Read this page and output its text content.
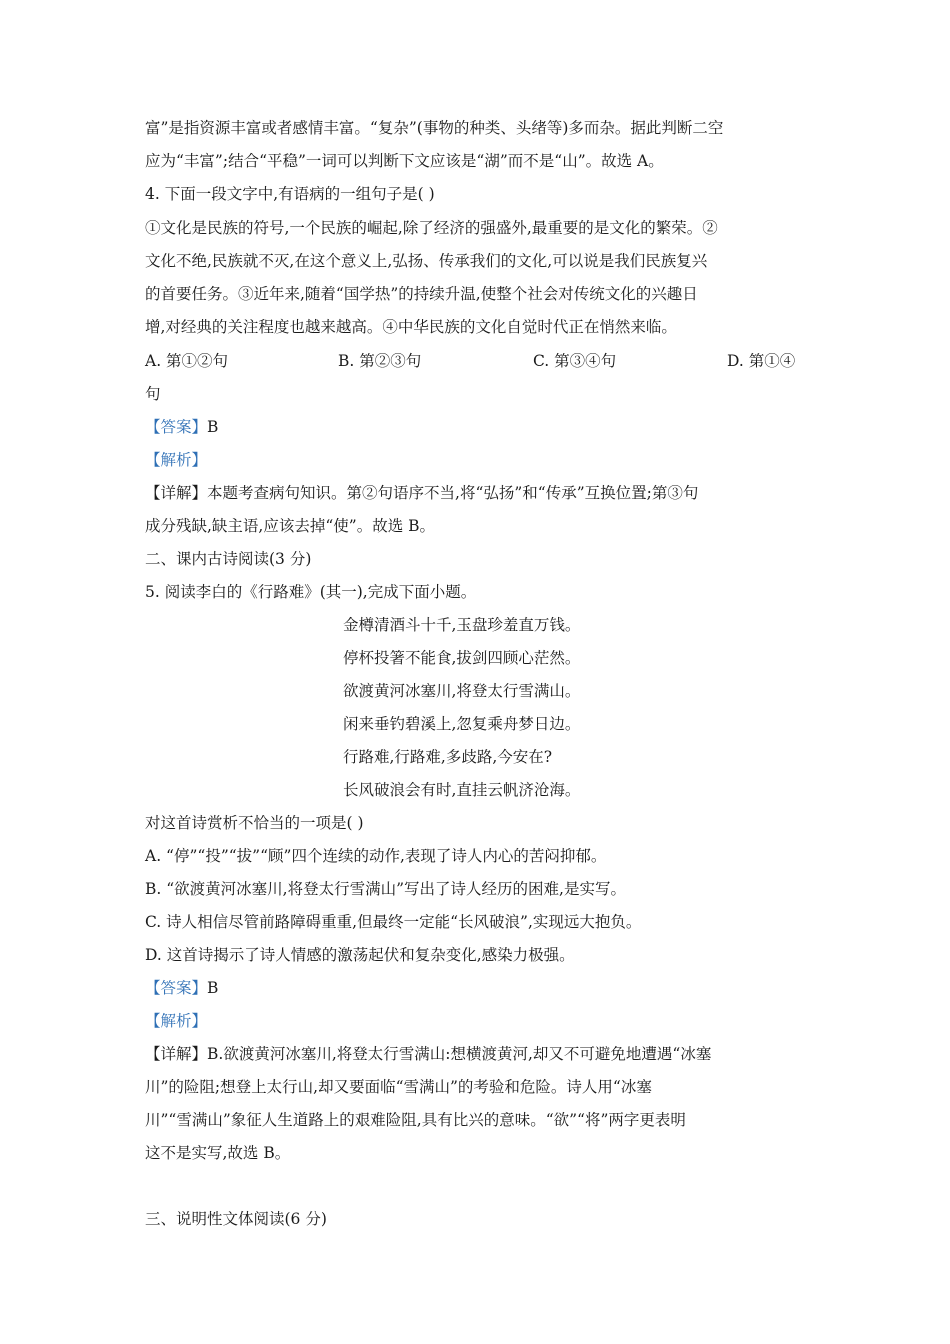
富”是指资源丰富或者感情丰富。“复杂”(事物的种类、头绪等)多而杂。据此判断二空
应为“丰富”;结合“平稳”一词可以判断下文应该是“湖”而不是“山”。故选 A。
4. 下面一段文字中,有语病的一组句子是( )
①文化是民族的符号,一个民族的崛起,除了经济的强盛外,最重要的是文化的繁荣。②
文化不绝,民族就不灭,在这个意义上,弘扬、传承我们的文化,可以说是我们民族复兴
的首要任务。③近年来,随着“国学热”的持续升温,使整个社会对传统文化的兴趣日
增,对经典的关注程度也越来越高。④中华民族的文化自觉时代正在悄然来临。
A. 第①②句	B. 第②③句	C. 第③④句	D. 第①④
句
【答案】B
【解析】
【详解】本题考查病句知识。第②句语序不当,将“弘扬”和“传承”互换位置;第③句
成分残缺,缺主语,应该去掉“使”。故选 B。
二、课内古诗阅读(3 分)
5. 阅读李白的《行路难》(其一),完成下面小题。
金樽清酒斗十千,玉盘珍羞直万钱。
停杯投箸不能食,拔剑四顾心茫然。
欲渡黄河冰塞川,将登太行雪满山。
闲来垂钓碧溪上,忽复乘舟梦日边。
行路难,行路难,多歧路,今安在?
长风破浪会有时,直挂云帆济沧海。
对这首诗赏析不恰当的一项是( )
A. “停”“投”“拔”“顾”四个连续的动作,表现了诗人内心的苦闷抑郁。
B. “欲渡黄河冰塞川,将登太行雪满山”写出了诗人经历的困难,是实写。
C. 诗人相信尽管前路障碍重重,但最终一定能“长风破浪”,实现远大抱负。
D. 这首诗揭示了诗人情感的激荡起伏和复杂变化,感染力极强。
【答案】B
【解析】
【详解】B.欲渡黄河冰塞川,将登太行雪满山:想横渡黄河,却又不可避免地遭遇“冰塞
川”的险阻;想登上太行山,却又要面临“雪满山”的考验和危险。诗人用“冰塞
川”“雪满山”象征人生道路上的艰难险阻,具有比兴的意味。“欲”“将”两字更表明
这不是实写,故选 B。
三、说明性文体阅读(6 分)
